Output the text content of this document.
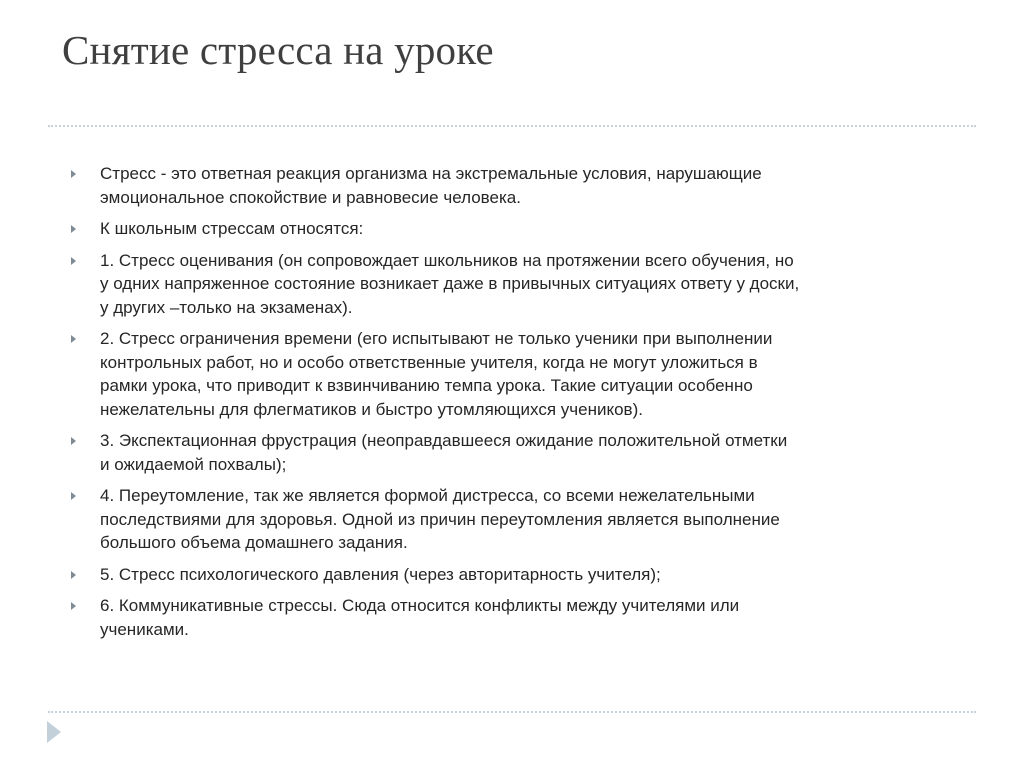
Снятие стресса на уроке
Стресс - это ответная реакция организма на экстремальные условия, нарушающие
эмоциональное спокойствие и равновесие человека.
К школьным стрессам относятся:
1. Стресс оценивания (он сопровождает школьников на протяжении всего обучения, но
у одних напряженное состояние возникает даже в привычных ситуациях ответу у доски,
у других –только на экзаменах).
2. Стресс ограничения времени (его испытывают не только ученики при выполнении
контрольных работ, но и особо ответственные учителя, когда не могут уложиться в
рамки урока, что приводит к взвинчиванию темпа урока. Такие ситуации особенно
нежелательны для флегматиков и быстро утомляющихся учеников).
3. Экспектационная фрустрация (неоправдавшееся ожидание положительной отметки
и ожидаемой похвалы);
4. Переутомление, так же является формой дистресса, со всеми нежелательными
последствиями для здоровья. Одной из причин переутомления является выполнение
большого объема домашнего задания.
5. Стресс психологического давления (через авторитарность учителя);
6. Коммуникативные стрессы. Сюда относится конфликты между учителями или
учениками.
